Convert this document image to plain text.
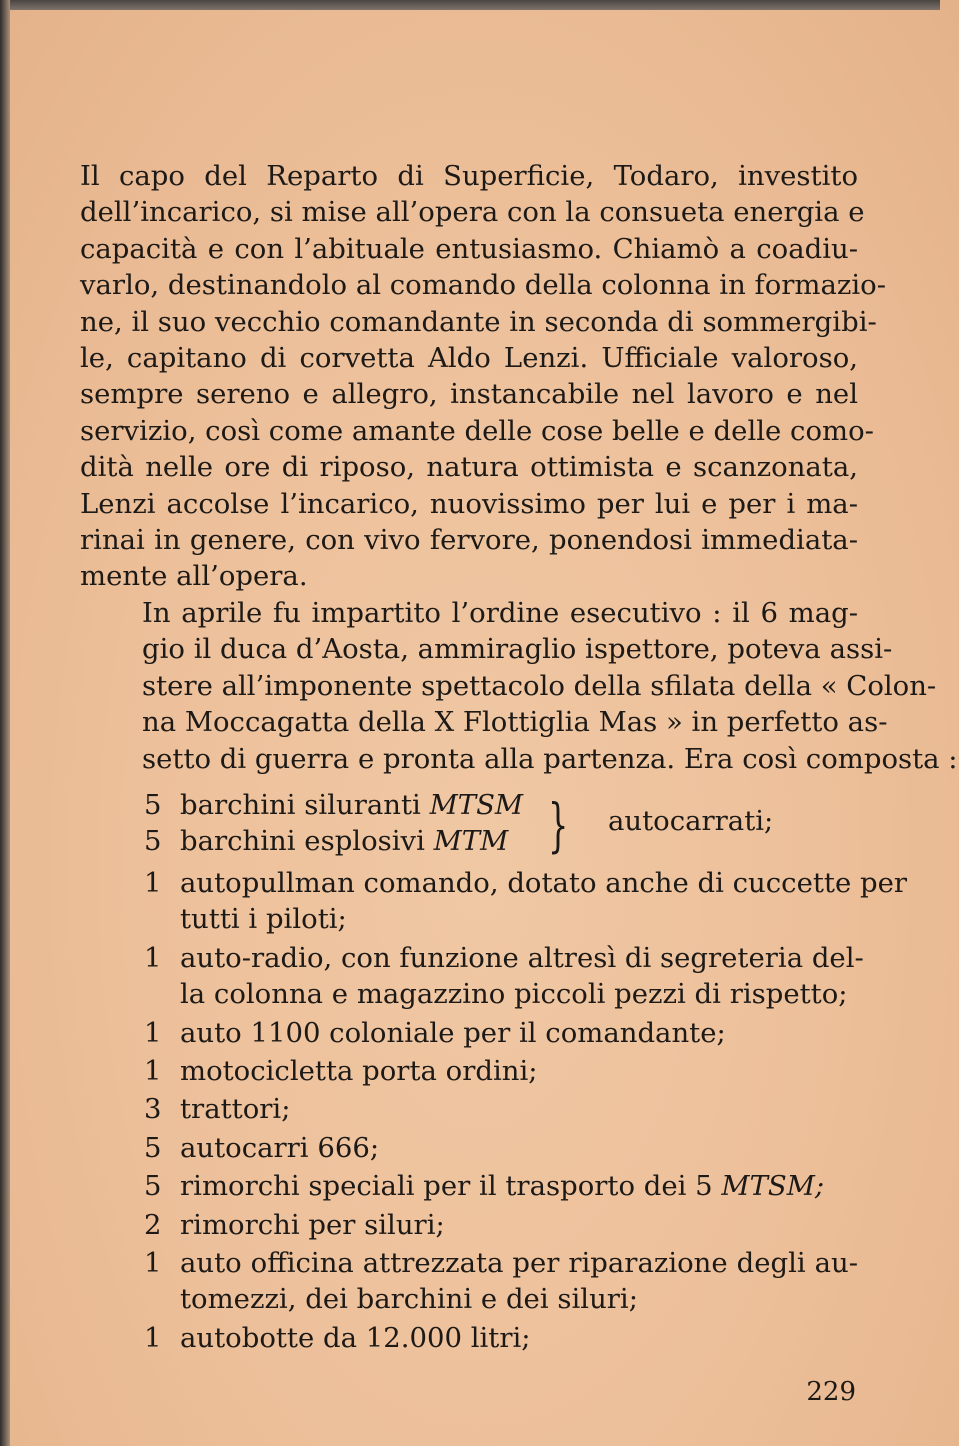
Il capo del Reparto di Superficie, Todaro, investito
dell’incarico, si mise all’opera con la consueta energia e
capacità e con l’abituale entusiasmo. Chiamò a coadiu-
varlo, destinandolo al comando della colonna in formazio-
ne, il suo vecchio comandante in seconda di sommergibi-
le, capitano di corvetta Aldo Lenzi. Ufficiale valoroso,
sempre sereno e allegro, instancabile nel lavoro e nel
servizio, così come amante delle cose belle e delle como-
dità nelle ore di riposo, natura ottimista e scanzonata,
Lenzi accolse l’incarico, nuovissimo per lui e per i ma-
rinai in genere, con vivo fervore, ponendosi immediata-
mente all’opera.
In aprile fu impartito l’ordine esecutivo : il 6 mag-
gio il duca d’Aosta, ammiraglio ispettore, poteva assi-
stere all’imponente spettacolo della sfilata della « Colon-
na Moccagatta della X Flottiglia Mas » in perfetto as-
setto di guerra e pronta alla partenza. Era così composta :
5 barchini siluranti MTSM
5 barchini esplosivi MTM } autocarrati;
1 autopullman comando, dotato anche di cuccette per
tutti i piloti;
1 auto-radio, con funzione altresì di segreteria del-
la colonna e magazzino piccoli pezzi di rispetto;
1 auto 1100 coloniale per il comandante;
1 motocicletta porta ordini;
3 trattori;
5 autocarri 666;
5 rimorchi speciali per il trasporto dei 5 MTSM;
2 rimorchi per siluri;
1 auto officina attrezzata per riparazione degli au-
tomezzi, dei barchini e dei siluri;
1 autobotte da 12.000 litri;
229
